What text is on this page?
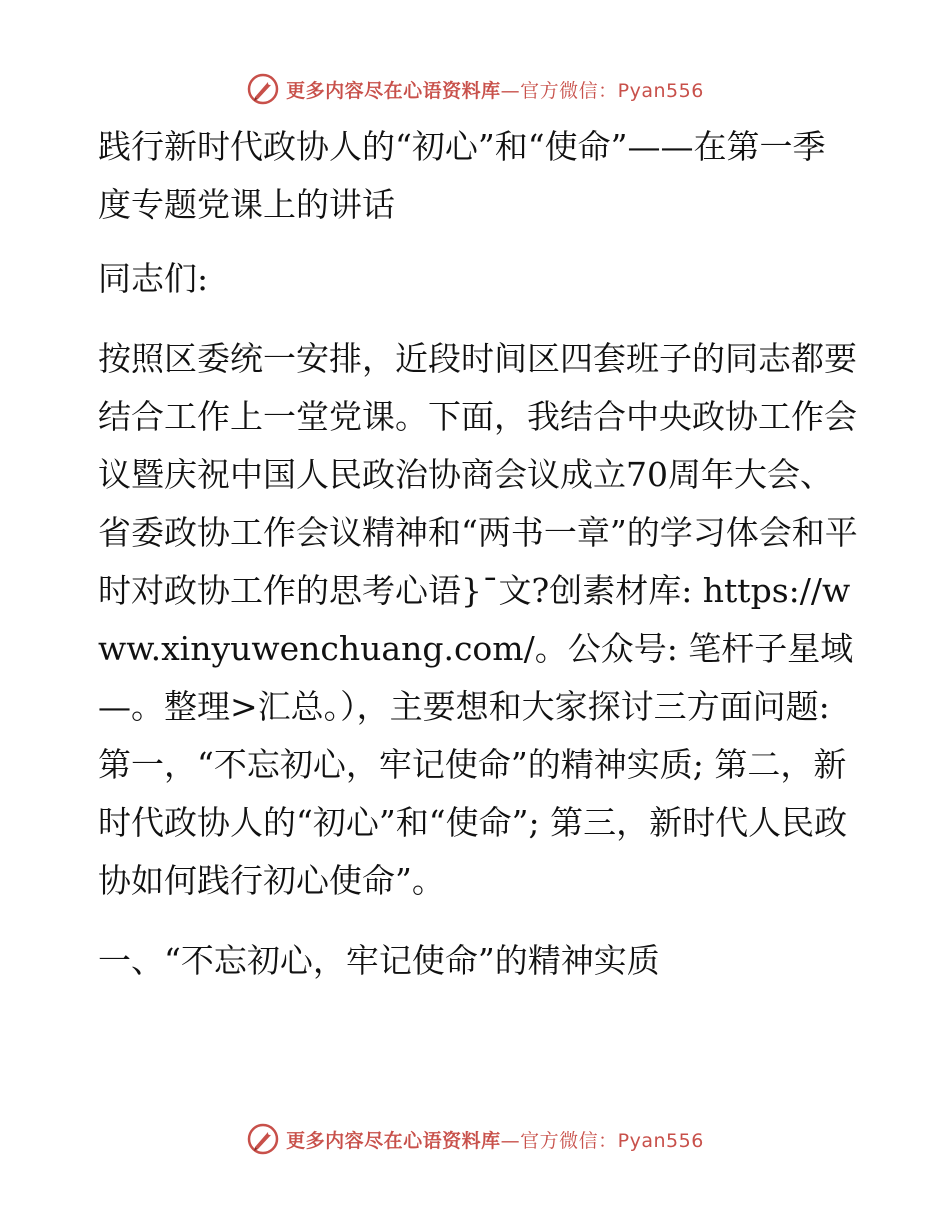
更多内容尽在心语资料库—官方微信：Pyan556
践行新时代政协人的“初心”和“使命”——在第一季度专题党课上的讲话

同志们:

按照区委统一安排，近段时间区四套班子的同志都要结合工作上一堂党课。下面，我结合中央政协工作会议暨庆祝中国人民政治协商会议成立70周年大会、省委政协工作会议精神和“两书一章”的学习体会和平时对政协工作的思考心语}¯文?创素材库: https://www.xinyuwenchuang.com/。公众号: 笔杆子星域—。整理>汇总。），主要想和大家探讨三方面问题: 第一，“不忘初心，牢记使命”的精神实质; 第二，新时代政协人的“初心”和“使命”; 第三，新时代人民政协如何践行初心使命”。

一、“不忘初心，牢记使命”的精神实质
更多内容尽在心语资料库—官方微信：Pyan556
